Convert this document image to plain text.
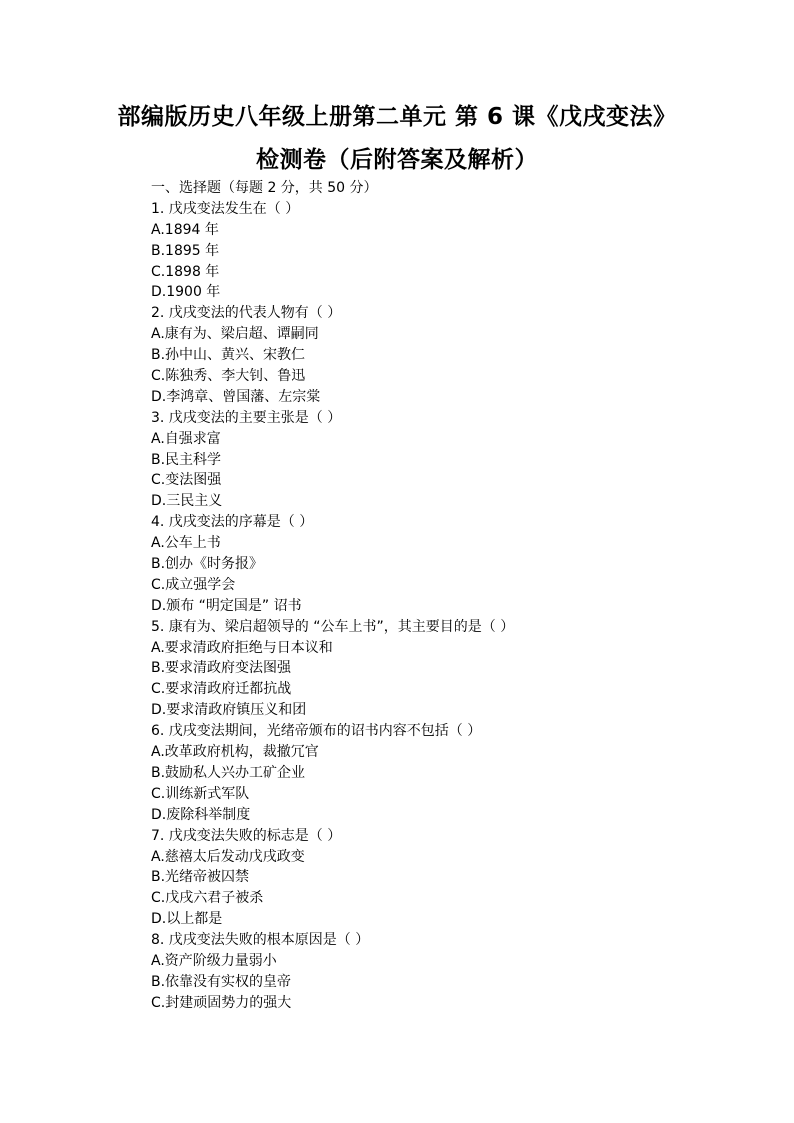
部编版历史八年级上册第二单元 第 6 课《戊戌变法》
检测卷（后附答案及解析）
一、选择题（每题 2 分，共 50 分）
1. 戊戌变法发生在（ ）
A.1894 年
B.1895 年
C.1898 年
D.1900 年
2. 戊戌变法的代表人物有（ ）
A.康有为、梁启超、谭嗣同
B.孙中山、黄兴、宋教仁
C.陈独秀、李大钊、鲁迅
D.李鸿章、曾国藩、左宗棠
3. 戊戌变法的主要主张是（ ）
A.自强求富
B.民主科学
C.变法图强
D.三民主义
4. 戊戌变法的序幕是（ ）
A.公车上书
B.创办《时务报》
C.成立强学会
D.颁布 “明定国是” 诏书
5. 康有为、梁启超领导的 “公车上书”，其主要目的是（ ）
A.要求清政府拒绝与日本议和
B.要求清政府变法图强
C.要求清政府迁都抗战
D.要求清政府镇压义和团
6. 戊戌变法期间，光绪帝颁布的诏书内容不包括（ ）
A.改革政府机构，裁撤冗官
B.鼓励私人兴办工矿企业
C.训练新式军队
D.废除科举制度
7. 戊戌变法失败的标志是（ ）
A.慈禧太后发动戊戌政变
B.光绪帝被囚禁
C.戊戌六君子被杀
D.以上都是
8. 戊戌变法失败的根本原因是（ ）
A.资产阶级力量弱小
B.依靠没有实权的皇帝
C.封建顽固势力的强大
